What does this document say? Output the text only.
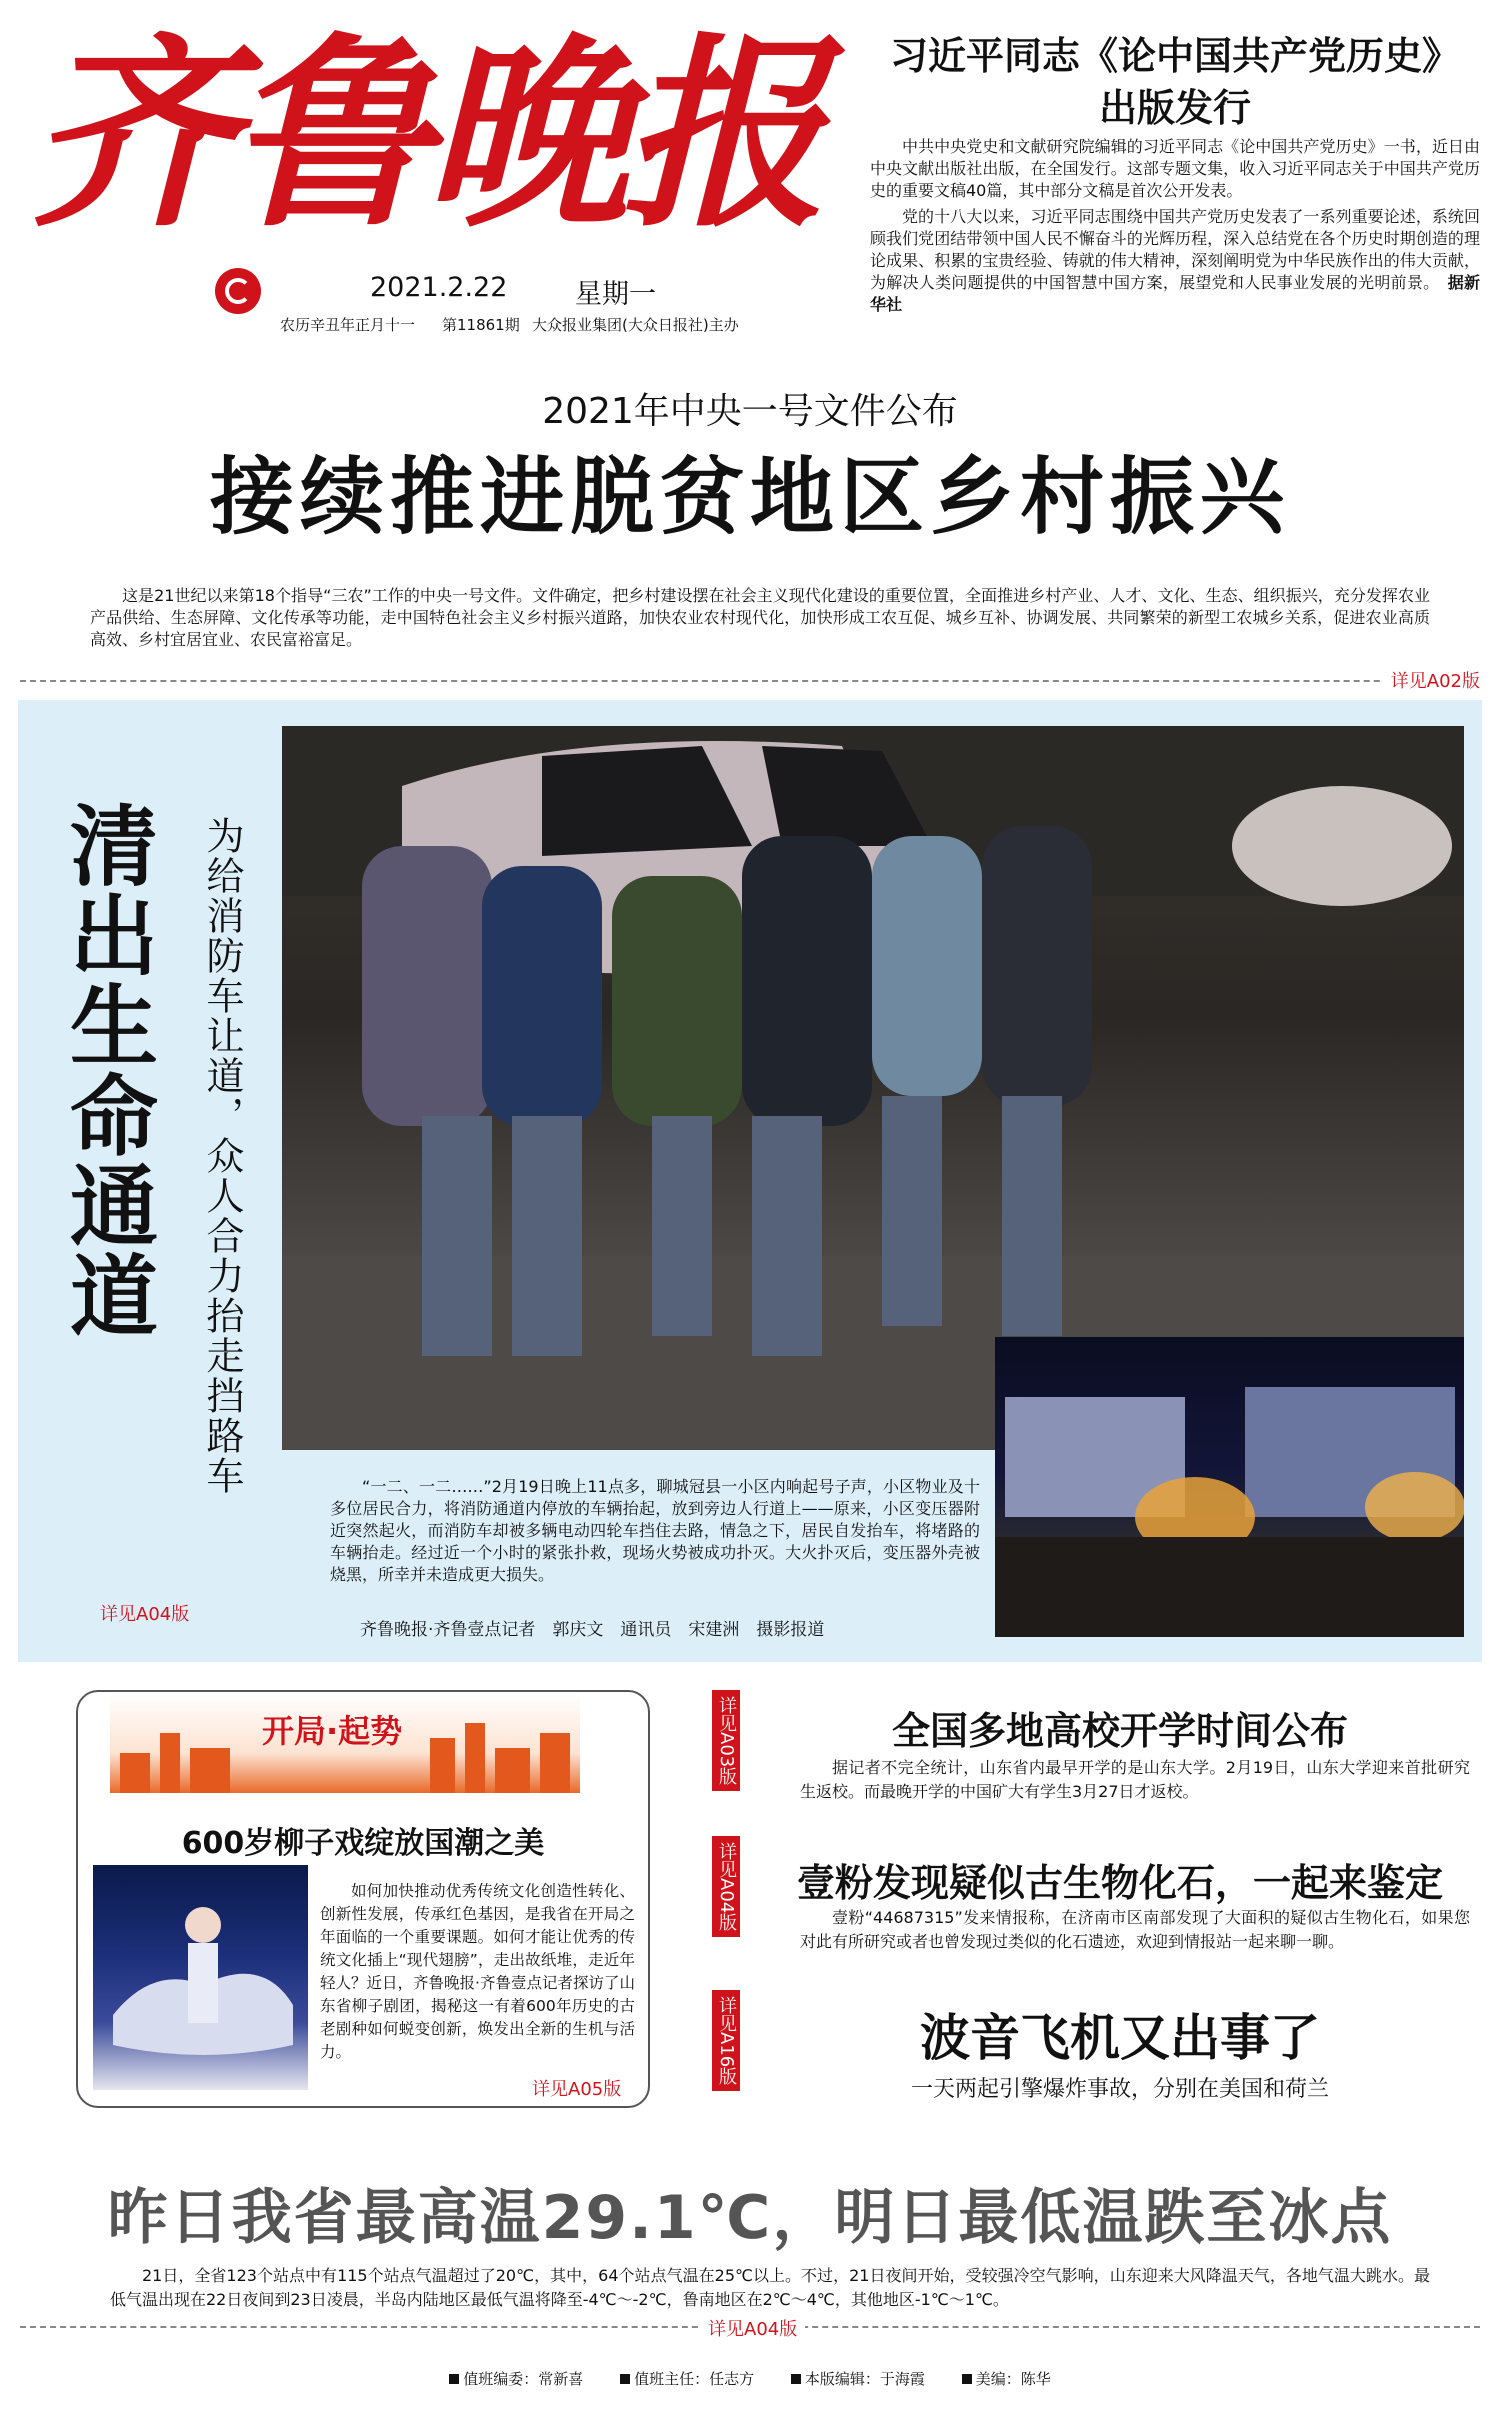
齐鲁晚报
2021.2.22	星期一
农历辛丑年正月十一 第11861期 大众报业集团(大众日报社)主办
习近平同志《论中国共产党历史》
出版发行
中共中央党史和文献研究院编辑的习近平同志《论中国共产党历史》一书，近日由中央文献出版社出版，在全国发行。这部专题文集，收入习近平同志关于中国共产党历史的重要文稿40篇，其中部分文稿是首次公开发表。
党的十八大以来，习近平同志围绕中国共产党历史发表了一系列重要论述，系统回顾我们党团结带领中国人民不懈奋斗的光辉历程，深入总结党在各个历史时期创造的理论成果、积累的宝贵经验、铸就的伟大精神，深刻阐明党为中华民族作出的伟大贡献，为解决人类问题提供的中国智慧中国方案，展望党和人民事业发展的光明前景。　 据新华社
2021年中央一号文件公布
接续推进脱贫地区乡村振兴
这是21世纪以来第18个指导“三农”工作的中央一号文件。文件确定，把乡村建设摆在社会主义现代化建设的重要位置，全面推进乡村产业、人才、文化、生态、组织振兴，充分发挥农业产品供给、生态屏障、文化传承等功能，走中国特色社会主义乡村振兴道路，加快农业农村现代化，加快形成工农互促、城乡互补、协调发展、共同繁荣的新型工农城乡关系，促进农业高质高效、乡村宜居宜业、农民富裕富足。
详见A02版
清出生命通道 为给消防车让道，众人合力抬走挡路车	“一二、一二……”2月19日晚上11点多，聊城冠县一小区内响起号子声，小区物业及十多位居民合力，将消防通道内停放的车辆抬起，放到旁边人行道上——原来，小区变压器附近突然起火，而消防车却被多辆电动四轮车挡住去路，情急之下，居民自发抬车，将堵路的车辆抬走。经过近一个小时的紧张扑救，现场火势被成功扑灭。大火扑灭后，变压器外壳被烧黑，所幸并未造成更大损失。
齐鲁晚报·齐鲁壹点记者　郭庆文　通讯员　宋建洲　摄影报道
详见A04版
开局·起势
600岁柳子戏绽放国潮之美
如何加快推动优秀传统文化创造性转化、创新性发展，传承红色基因，是我省在开局之年面临的一个重要课题。如何才能让优秀的传统文化插上“现代翅膀”，走出故纸堆，走近年轻人？近日，齐鲁晚报·齐鲁壹点记者探访了山东省柳子剧团，揭秘这一有着600年历史的古老剧种如何蜕变创新，焕发出全新的生机与活力。
详见A05版
详见A03版	全国多地高校开学时间公布
据记者不完全统计，山东省内最早开学的是山东大学。2月19日，山东大学迎来首批研究生返校。而最晚开学的中国矿大有学生3月27日才返校。
详见A04版	壹粉发现疑似古生物化石，一起来鉴定
壹粉“44687315”发来情报称，在济南市区南部发现了大面积的疑似古生物化石，如果您对此有所研究或者也曾发现过类似的化石遗迹，欢迎到情报站一起来聊一聊。
详见A16版	波音飞机又出事了
一天两起引擎爆炸事故，分别在美国和荷兰
昨日我省最高温29.1℃，明日最低温跌至冰点
21日，全省123个站点中有115个站点气温超过了20℃，其中，64个站点气温在25℃以上。不过，21日夜间开始，受较强冷空气影响，山东迎来大风降温天气，各地气温大跳水。最低气温出现在22日夜间到23日凌晨，半岛内陆地区最低气温将降至-4℃～-2℃，鲁南地区在2℃～4℃，其他地区-1℃～1℃。
详见A04版
值班编委：常新喜	值班主任：任志方	本版编辑：于海霞	美编：陈华
